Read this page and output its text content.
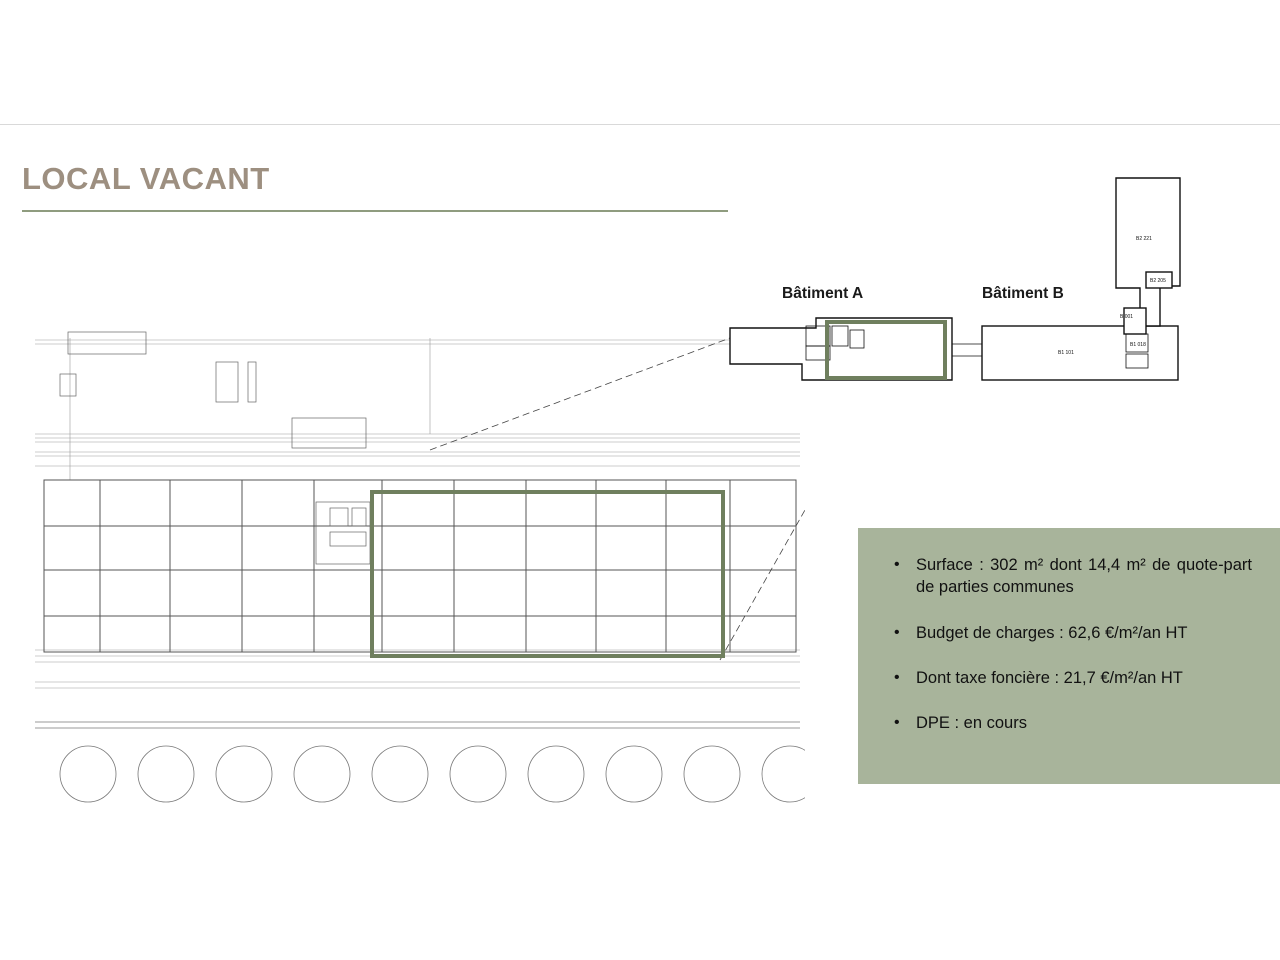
LOCAL VACANT
B2 221
B2 205
B 001
B1 018
B1 101
Bâtiment A	Bâtiment B
• Surface : 302 m² dont 14,4 m² de quote-part de parties communes
• Budget de charges : 62,6 €/m²/an HT
• Dont taxe foncière : 21,7 €/m²/an HT
• DPE : en cours
